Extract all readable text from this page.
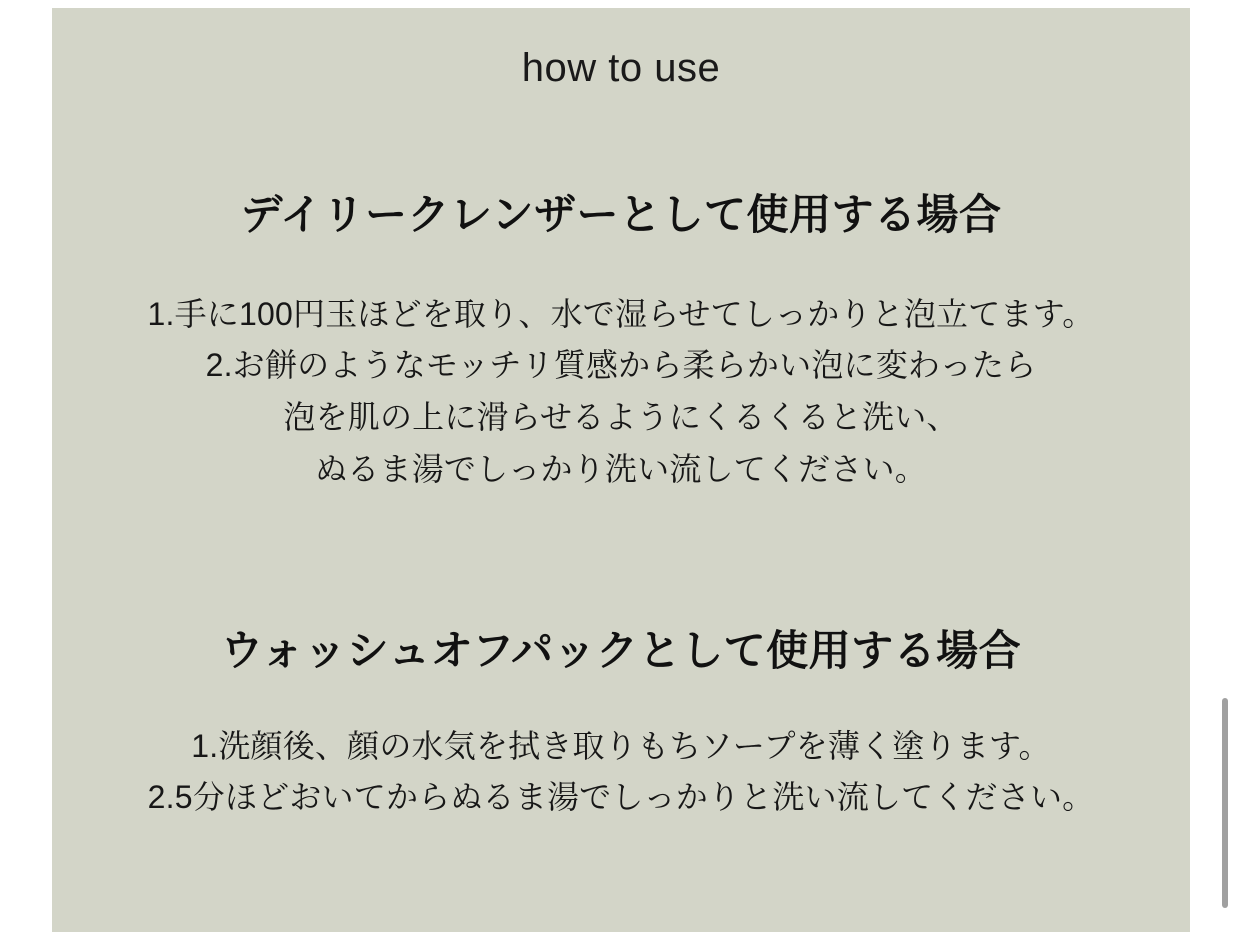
how to use
デイリークレンザーとして使用する場合
1.手に100円玉ほどを取り、水で湿らせてしっかりと泡立てます。
2.お餅のようなモッチリ質感から柔らかい泡に変わったら
泡を肌の上に滑らせるようにくるくると洗い、
ぬるま湯でしっかり洗い流してください。
ウォッシュオフパックとして使用する場合
1.洗顔後、顔の水気を拭き取りもちソープを薄く塗ります。
2.5分ほどおいてからぬるま湯でしっかりと洗い流してください。
